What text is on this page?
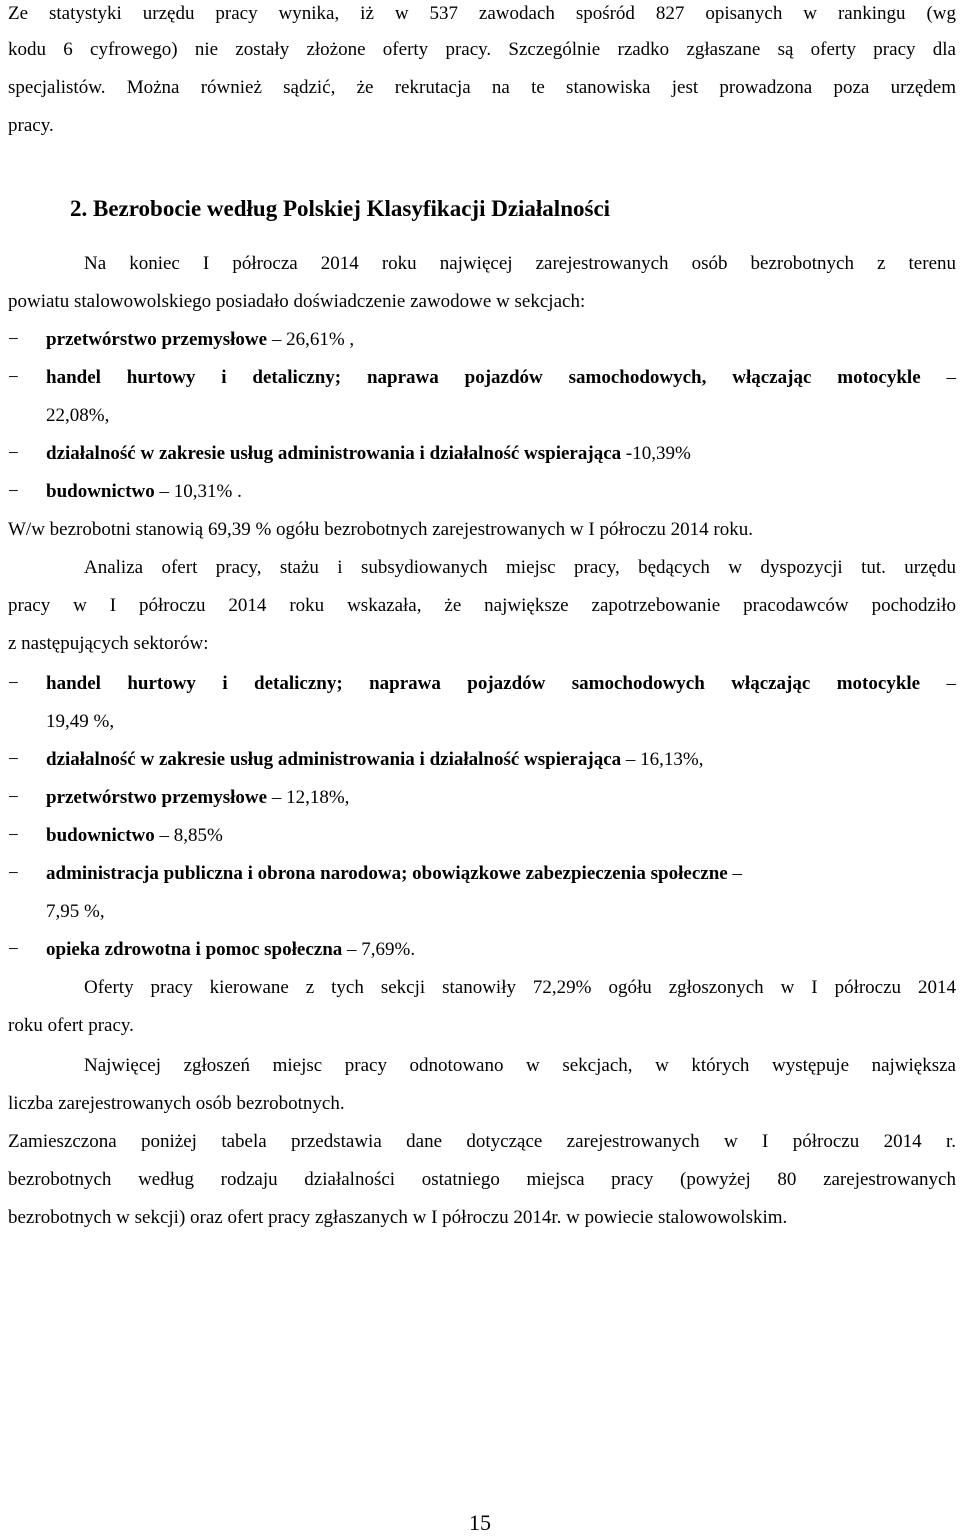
Ze statystyki urzędu pracy wynika, iż w 537 zawodach spośród 827 opisanych w rankingu (wg
kodu 6 cyfrowego) nie zostały złożone oferty pracy. Szczególnie rzadko zgłaszane są oferty pracy dla
specjalistów. Można również sądzić, że rekrutacja na te stanowiska jest prowadzona poza urzędem
pracy.
2. Bezrobocie według Polskiej Klasyfikacji Działalności
Na koniec I półrocza 2014 roku najwięcej zarejestrowanych osób bezrobotnych z terenu
powiatu stalowowolskiego posiadało doświadczenie zawodowe w sekcjach:
− przetwórstwo przemysłowe – 26,61% ,
− handel hurtowy i detaliczny; naprawa pojazdów samochodowych, włączając motocykle –
22,08%,
− działalność w zakresie usług administrowania i działalność wspierająca -10,39%
− budownictwo – 10,31% .
W/w bezrobotni stanowią 69,39 % ogółu bezrobotnych zarejestrowanych w I półroczu 2014 roku.
Analiza ofert pracy, stażu i subsydiowanych miejsc pracy, będących w dyspozycji tut. urzędu
pracy w I półroczu 2014 roku wskazała, że największe zapotrzebowanie pracodawców pochodziło
z następujących sektorów:
− handel hurtowy i detaliczny; naprawa pojazdów samochodowych włączając motocykle –
19,49 %,
− działalność w zakresie usług administrowania i działalność wspierająca – 16,13%,
− przetwórstwo przemysłowe – 12,18%,
− budownictwo – 8,85%
− administracja publiczna i obrona narodowa; obowiązkowe zabezpieczenia społeczne –
7,95 %,
− opieka zdrowotna i pomoc społeczna – 7,69%.
Oferty pracy kierowane z tych sekcji stanowiły 72,29% ogółu zgłoszonych w I półroczu 2014
roku ofert pracy.
Najwięcej zgłoszeń miejsc pracy odnotowano w sekcjach, w których występuje największa
liczba zarejestrowanych osób bezrobotnych.
Zamieszczona poniżej tabela przedstawia dane dotyczące zarejestrowanych w I półroczu 2014 r.
bezrobotnych według rodzaju działalności ostatniego miejsca pracy (powyżej 80 zarejestrowanych
bezrobotnych w sekcji) oraz ofert pracy zgłaszanych w I półroczu 2014r. w powiecie stalowowolskim.
15
